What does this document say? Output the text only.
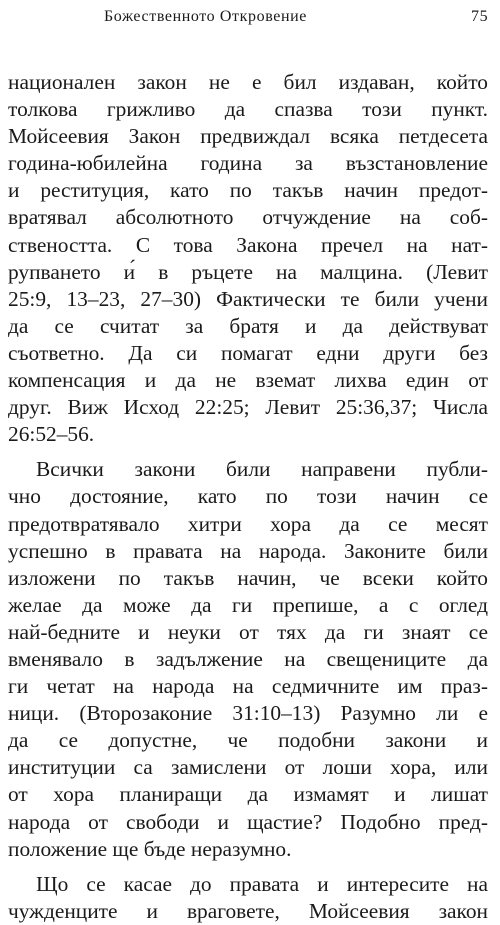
Божественното Откровение	75

национален закон не е бил издаван, който
толкова грижливо да спазва този пункт.
Мойсеевия Закон предвиждал всяка петдесета
година-юбилейна година за възстановление
и реституция, като по такъв начин предот-
вратявал абсолютното отчуждение на соб-
ствеността. С това Закона пречел на нат-
рупването и́ в ръцете на малцина. (Левит
25:9, 13–23, 27–30) Фактически те били учени
да се считат за братя и да действуват
съответно. Да си помагат едни други без
компенсация и да не вземат лихва един от
друг. Виж Исход 22:25; Левит 25:36,37; Числа
26:52–56.

Всички закони били направени публи-
чно достояние, като по този начин се
предотвратявало хитри хора да се месят
успешно в правата на народа. Законите били
изложени по такъв начин, че всеки който
желае да може да ги препише, а с оглед
най-бедните и неуки от тях да ги знаят се
вменявало в задължение на свещениците да
ги четат на народа на седмичните им праз-
ници. (Второзаконие 31:10–13) Разумно ли е
да се допустне, че подобни закони и
институции са замислени от лоши хора, или
от хора планиращи да измамят и лишат
народа от свободи и щастие? Подобно пред-
положение ще бъде неразумно.

Що се касае до правата и интересите на
чужденците и враговете, Мойсеевия закон
